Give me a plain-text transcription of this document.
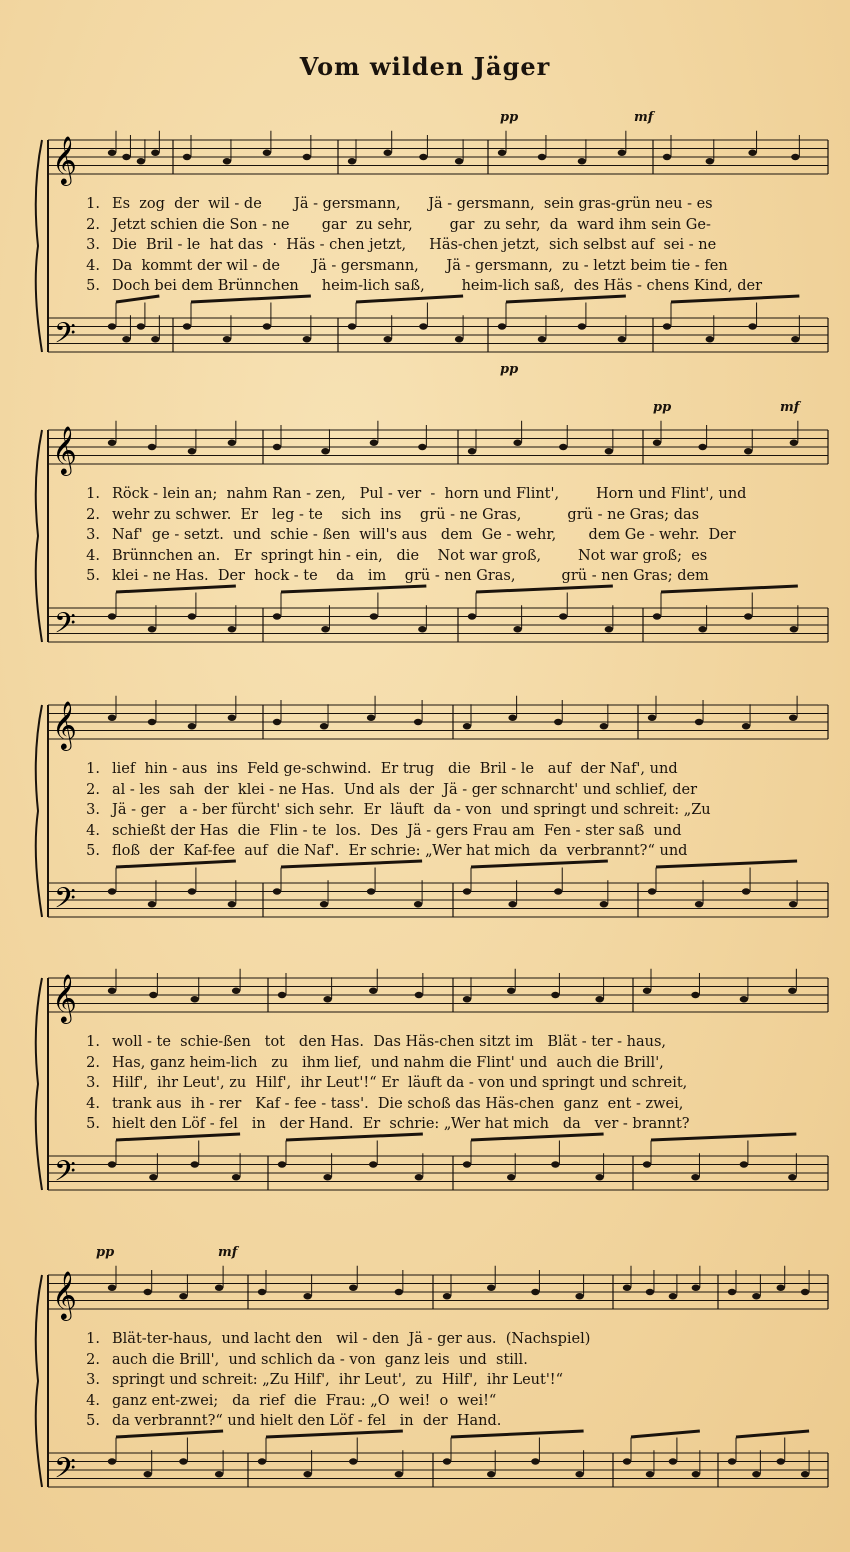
Vom wilden Jäger
𝄞
𝄢
pp	mf
pp
1. Es  zog  der  wil - de       Jä - gersmann,      Jä - gersmann,  sein gras-grün neu - es
2. Jetzt schien die Son - ne       gar  zu sehr,        gar  zu sehr,  da  ward ihm sein Ge-
3. Die  Bril - le  hat das  ·  Häs - chen jetzt,     Häs-chen jetzt,  sich selbst auf  sei - ne
4. Da  kommt der wil - de       Jä - gersmann,      Jä - gersmann,  zu - letzt beim tie - fen
5. Doch bei dem Brünnchen     heim-lich saß,        heim-lich saß,  des Häs - chens Kind, der
𝄞
𝄢
pp	mf
1. Röck - lein an;  nahm Ran - zen,   Pul - ver  -  horn und Flint',        Horn und Flint', und
2. wehr zu schwer.  Er   leg - te    sich  ins    grü - ne Gras,          grü - ne Gras; das
3. Naf'  ge - setzt.  und  schie - ßen  will's aus   dem  Ge - wehr,       dem Ge - wehr.  Der
4. Brünnchen an.   Er  springt hin - ein,   die    Not war groß,        Not war groß;  es
5. klei - ne Has.  Der  hock - te    da   im    grü - nen Gras,          grü - nen Gras; dem
𝄞
𝄢
1. lief  hin - aus  ins  Feld ge-schwind.  Er trug   die  Bril - le   auf  der Naf', und
2. al - les  sah  der  klei - ne Has.  Und als  der  Jä - ger schnarcht' und schlief, der
3. Jä - ger   a - ber fürcht' sich sehr.  Er  läuft  da - von  und springt und schreit: „Zu
4. schießt der Has  die  Flin - te  los.  Des  Jä - gers Frau am  Fen - ster saß  und
5. floß  der  Kaf-fee  auf  die Naf'.  Er schrie: „Wer hat mich  da  verbrannt?“ und
𝄞
𝄢
1. woll - te  schie-ßen   tot   den Has.  Das Häs-chen sitzt im   Blät - ter - haus,
2. Has, ganz heim-lich   zu   ihm lief,  und nahm die Flint' und  auch die Brill',
3. Hilf',  ihr Leut', zu  Hilf',  ihr Leut'!“ Er  läuft da - von und springt und schreit,
4. trank aus  ih - rer   Kaf - fee - tass'.  Die schoß das Häs-chen  ganz  ent - zwei,
5. hielt den Löf - fel   in   der Hand.  Er  schrie: „Wer hat mich   da   ver - brannt?
𝄞
𝄢
pp	mf
1. Blät-ter-haus,  und lacht den   wil - den  Jä - ger aus.  (Nachspiel)
2. auch die Brill',  und schlich da - von  ganz leis  und  still.
3. springt und schreit: „Zu Hilf',  ihr Leut',  zu  Hilf',  ihr Leut'!“
4. ganz ent-zwei;   da  rief  die  Frau: „O  wei!  o  wei!“
5. da verbrannt?“ und hielt den Löf - fel   in  der  Hand.
